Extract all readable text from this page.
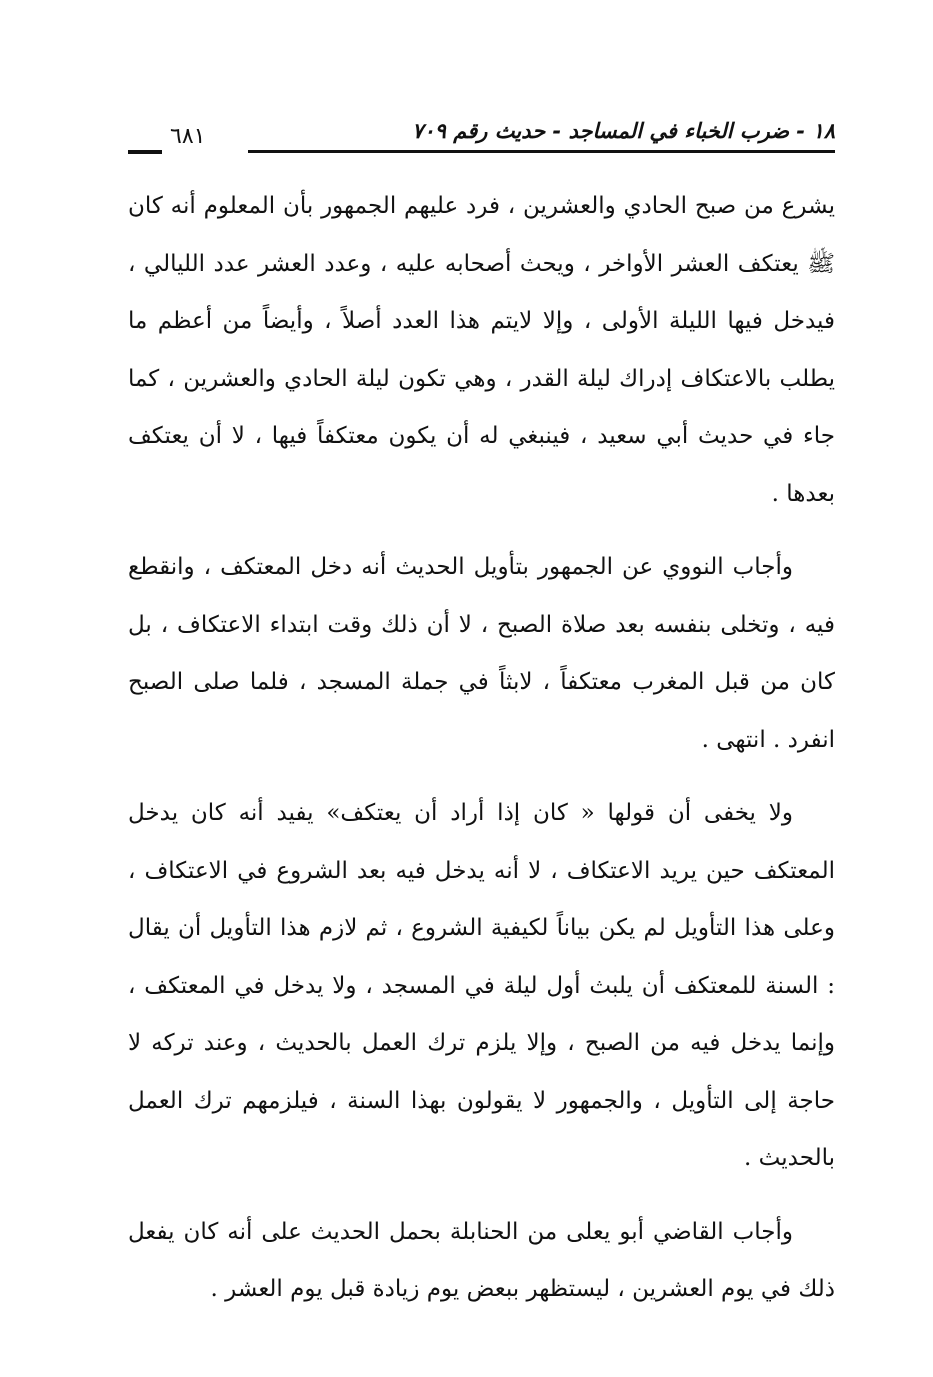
١٨ - ضرب الخباء في المساجد - حديث رقم ٧٠٩
٦٨١

يشرع من صبح الحادي والعشرين ، فرد عليهم الجمهور بأن المعلوم أنه كان ﷺ يعتكف العشر الأواخر ، ويحث أصحابه عليه ، وعدد العشر عدد الليالي ، فيدخل فيها الليلة الأولى ، وإلا لايتم هذا العدد أصلاً ، وأيضاً من أعظم ما يطلب بالاعتكاف إدراك ليلة القدر ، وهي تكون ليلة الحادي والعشرين ، كما جاء في حديث أبي سعيد ، فينبغي له أن يكون معتكفاً فيها ، لا أن يعتكف بعدها .

وأجاب النووي عن الجمهور بتأويل الحديث أنه دخل المعتكف ، وانقطع فيه ، وتخلى بنفسه بعد صلاة الصبح ، لا أن ذلك وقت ابتداء الاعتكاف ، بل كان من قبل المغرب معتكفاً ، لابثاً في جملة المسجد ، فلما صلى الصبح انفرد . انتهى .

ولا يخفى أن قولها « كان إذا أراد أن يعتكف» يفيد أنه كان يدخل المعتكف حين يريد الاعتكاف ، لا أنه يدخل فيه بعد الشروع في الاعتكاف ، وعلى هذا التأويل لم يكن بياناً لكيفية الشروع ، ثم لازم هذا التأويل أن يقال : السنة للمعتكف أن يلبث أول ليلة في المسجد ، ولا يدخل في المعتكف ، وإنما يدخل فيه من الصبح ، وإلا يلزم ترك العمل بالحديث ، وعند تركه لا حاجة إلى التأويل ، والجمهور لا يقولون بهذا السنة ، فيلزمهم ترك العمل بالحديث .

وأجاب القاضي أبو يعلى من الحنابلة بحمل الحديث على أنه كان يفعل ذلك في يوم العشرين ، ليستظهر ببعض يوم زيادة قبل يوم العشر .
